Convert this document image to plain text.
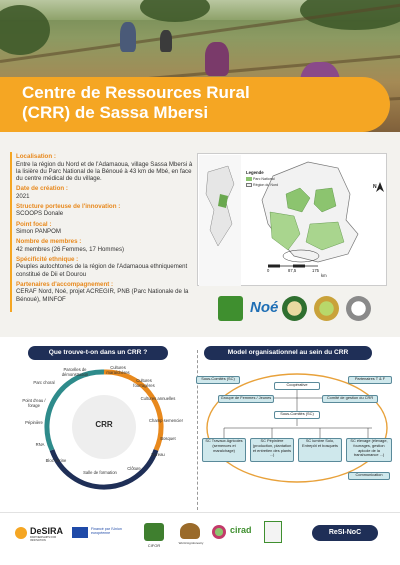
Centre de Ressources Rural
(CRR) de Sassa Mbersi
Localisation :
Entre la région du Nord et de l'Adamaoua, village Sassa Mbersi à la lisière du Parc National de la Bénoué à 43 km de Mbé, en face du centre médical de du village.
Date de création :
2021
Structure porteuse de l'innovation :
SCOOPS Donale
Point focal :
Simon PANPOM
Nombre de membres :
42 membres (26 Femmes, 17 Hommes)
Spécificité ethnique :
Peuples autochtones de la région de l'Adamaoua ethniquement constitué de Dii et Dourou
Partenaires d'accompagnement :
CERAF Nord, Noé, projet ACREGIR, PNB (Parc Nationale de la Bénoué), MINFOF
Legende
Parc National
Région du Nord
0	87,5	175
km
N
Noé
Que trouve-t-on dans un CRR ?	Model organisationnel au sein du CRR
CRR
Parcelles de démonstration
Cultures maraîchères
Cultures fourragères
Cultures annuelles
Champ semencier
Bosquet
Bureau
Clôture
Salle de formation
Bloc latrine
RNA
Pépinière
Point d'eau / forage
Parc choral
Sous-Comités (SC)	Partenaires T & F
Coopérative
Groupe de Femmes / Jeunes	Comité de gestion du CRR
Sous-Comités (SC)
SC Travaux Agricoles (semences et maraîchage)
SC Pépinière (production, plantation et entretien des plants ...)
SC lumbre Solo, Entrepôt et bosquets
SC élevage (élevage, fourrages, gestion apicole de la transhumance ...)
Communication
DeSIRA
PARTNERSHIPS FOR INNOVATION
Financé par l'Union européenne
CIFOR	World Agroforestry
cirad	ReSI-NoC
